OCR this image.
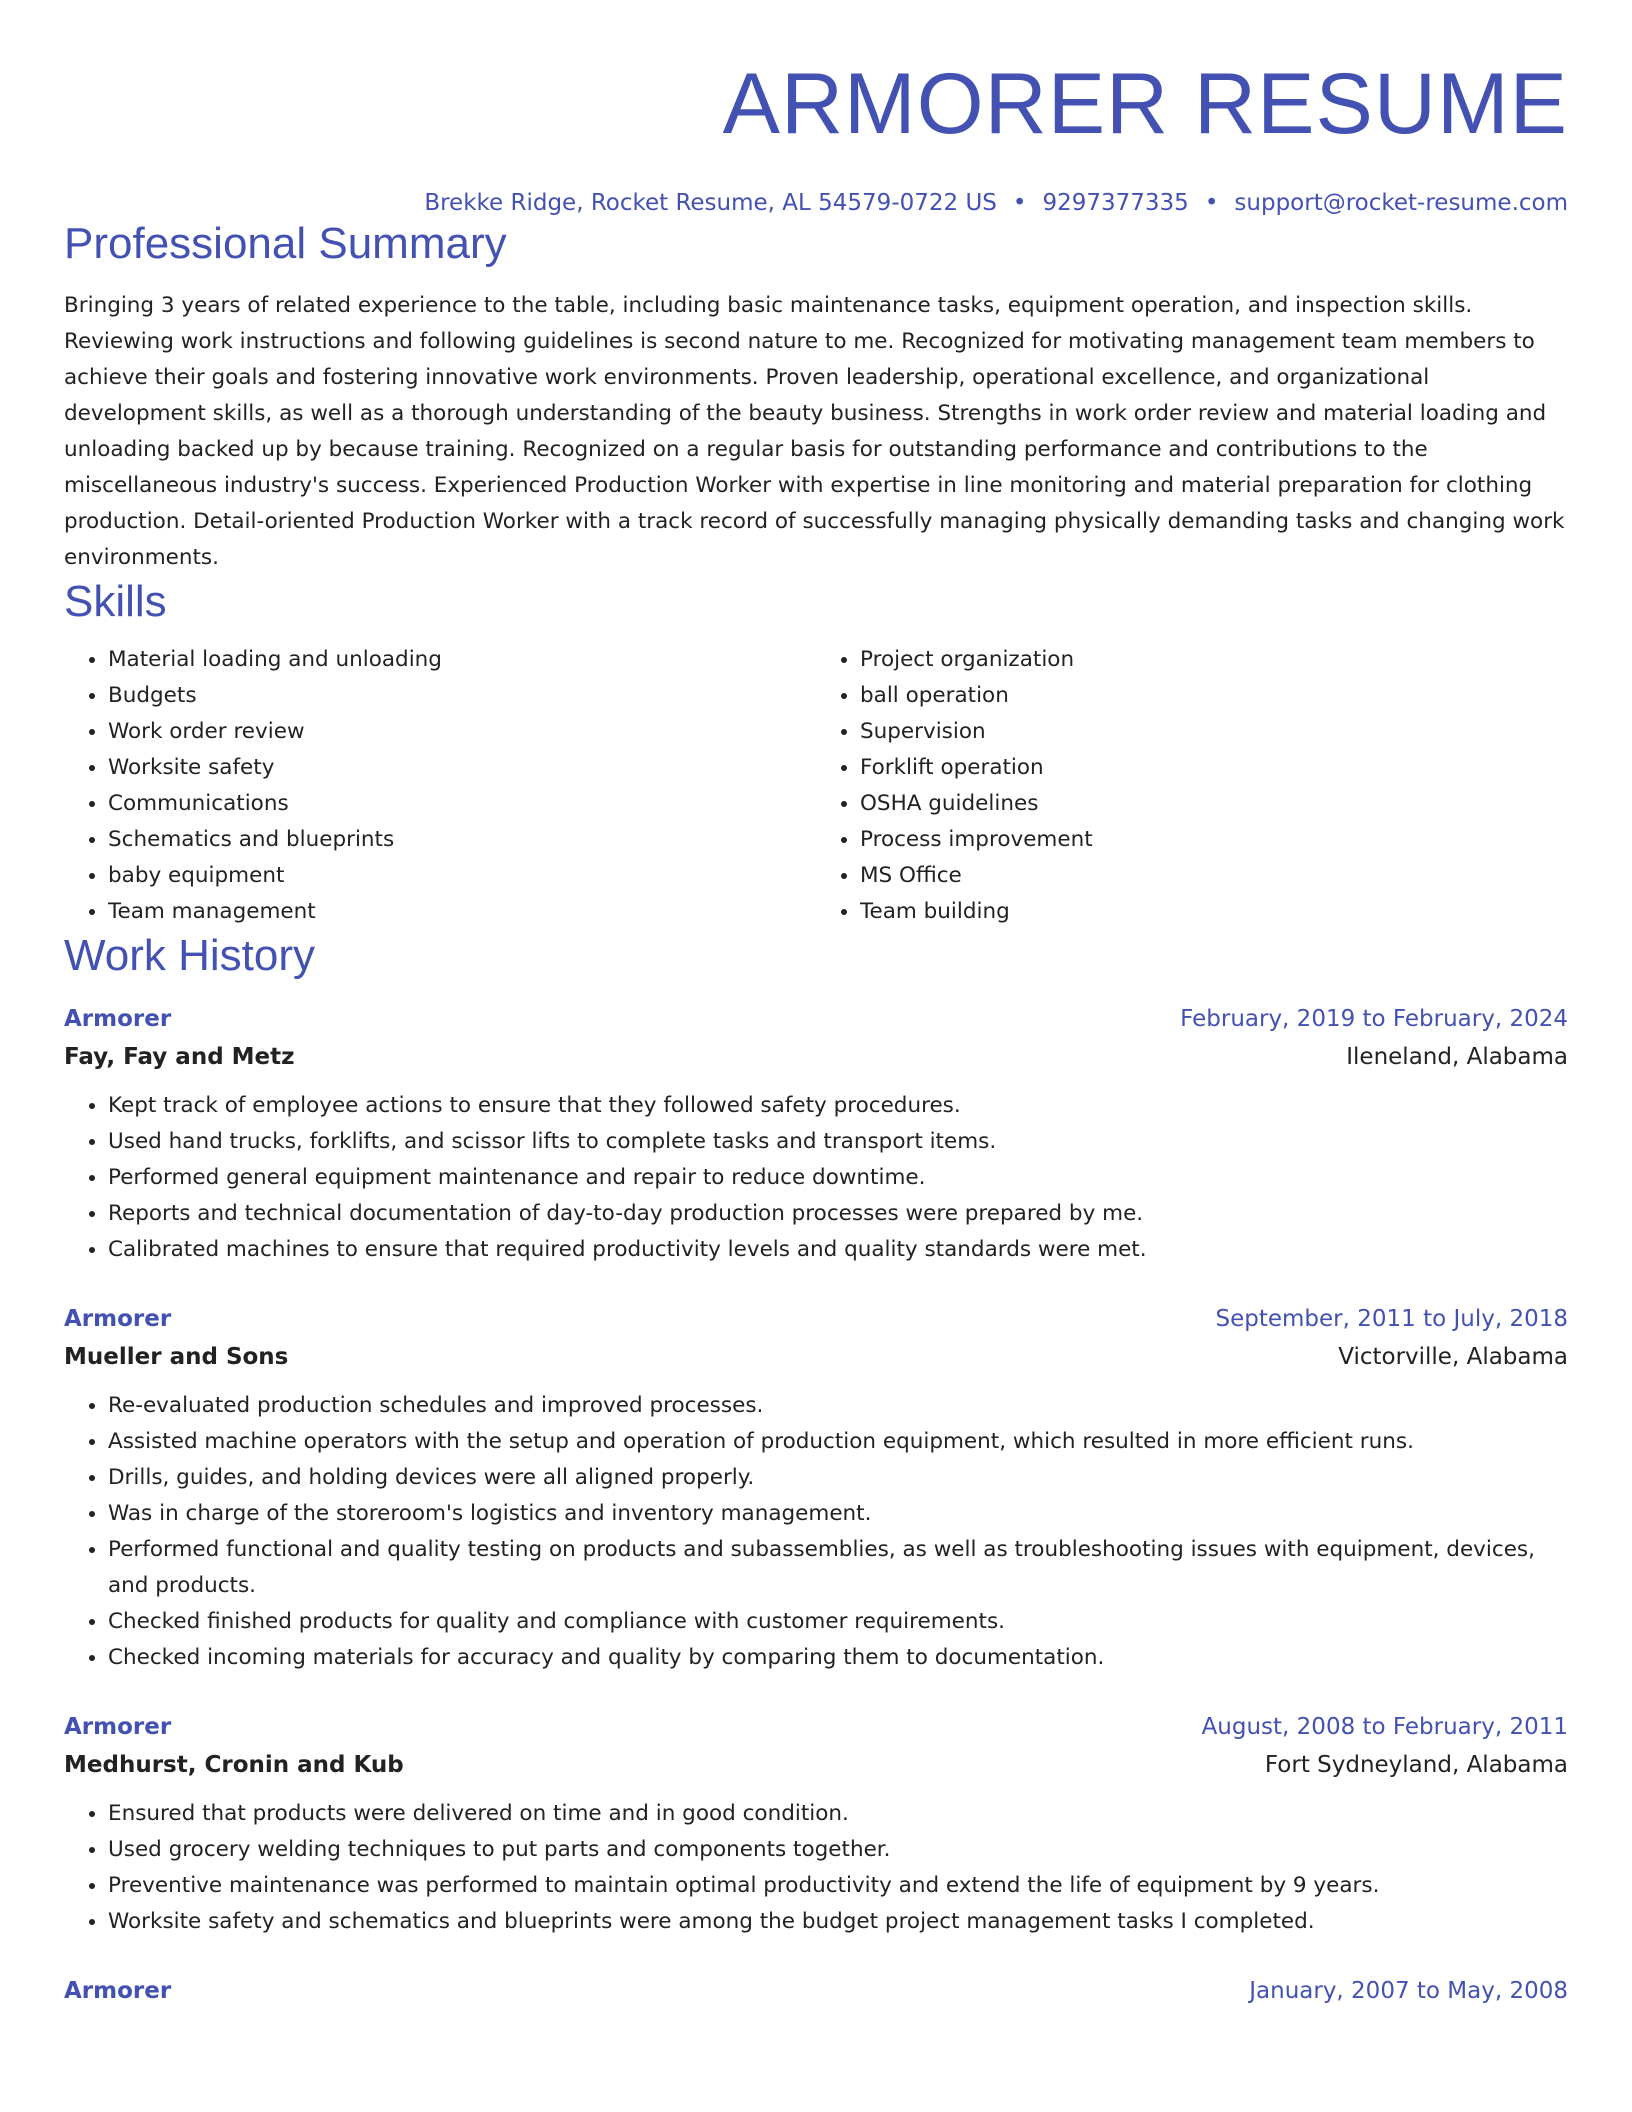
ARMORER RESUME
Brekke Ridge, Rocket Resume, AL 54579-0722 US • 9297377335 • support@rocket-resume.com
Professional Summary

Bringing 3 years of related experience to the table, including basic maintenance tasks, equipment operation, and inspection skills. Reviewing work instructions and following guidelines is second nature to me. Recognized for motivating management team members to achieve their goals and fostering innovative work environments. Proven leadership, operational excellence, and organizational development skills, as well as a thorough understanding of the beauty business. Strengths in work order review and material loading and unloading backed up by because training. Recognized on a regular basis for outstanding performance and contributions to the miscellaneous industry's success. Experienced Production Worker with expertise in line monitoring and material preparation for clothing production. Detail-oriented Production Worker with a track record of successfully managing physically demanding tasks and changing work environments.

Skills
• Material loading and unloading
• Budgets
• Work order review
• Worksite safety
• Communications
• Schematics and blueprints
• baby equipment
• Team management
• Project organization
• ball operation
• Supervision
• Forklift operation
• OSHA guidelines
• Process improvement
• MS Office
• Team building
Work History
Armorer	February, 2019 to February, 2024
Fay, Fay and Metz	Ileneland, Alabama
• Kept track of employee actions to ensure that they followed safety procedures.
• Used hand trucks, forklifts, and scissor lifts to complete tasks and transport items.
• Performed general equipment maintenance and repair to reduce downtime.
• Reports and technical documentation of day-to-day production processes were prepared by me.
• Calibrated machines to ensure that required productivity levels and quality standards were met.
Armorer	September, 2011 to July, 2018
Mueller and Sons	Victorville, Alabama
• Re-evaluated production schedules and improved processes.
• Assisted machine operators with the setup and operation of production equipment, which resulted in more efficient runs.
• Drills, guides, and holding devices were all aligned properly.
• Was in charge of the storeroom's logistics and inventory management.
• Performed functional and quality testing on products and subassemblies, as well as troubleshooting issues with equipment, devices, and products.
• Checked finished products for quality and compliance with customer requirements.
• Checked incoming materials for accuracy and quality by comparing them to documentation.
Armorer	August, 2008 to February, 2011
Medhurst, Cronin and Kub	Fort Sydneyland, Alabama
• Ensured that products were delivered on time and in good condition.
• Used grocery welding techniques to put parts and components together.
• Preventive maintenance was performed to maintain optimal productivity and extend the life of equipment by 9 years.
• Worksite safety and schematics and blueprints were among the budget project management tasks I completed.
Armorer	January, 2007 to May, 2008
